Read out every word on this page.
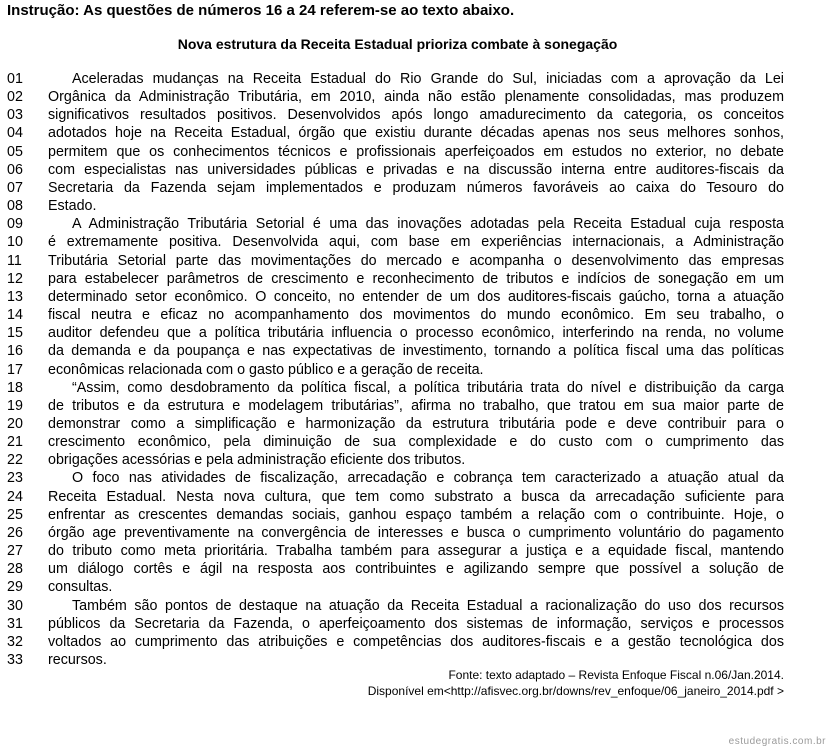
Instrução: As questões de números 16 a 24 referem-se ao texto abaixo.
Nova estrutura da Receita Estadual prioriza combate à sonegação
01	Aceleradas mudanças na Receita Estadual do Rio Grande do Sul, iniciadas com a aprovação da Lei
02 Orgânica da Administração Tributária, em 2010, ainda não estão plenamente consolidadas, mas produzem
03 significativos resultados positivos. Desenvolvidos após longo amadurecimento da categoria, os conceitos
04 adotados hoje na Receita Estadual, órgão que existiu durante décadas apenas nos seus melhores sonhos,
05 permitem que os conhecimentos técnicos e profissionais aperfeiçoados em estudos no exterior, no debate
06 com especialistas nas universidades públicas e privadas e na discussão interna entre auditores-fiscais da
07 Secretaria da Fazenda sejam implementados e produzam números favoráveis ao caixa do Tesouro do
08 Estado.
09	A Administração Tributária Setorial é uma das inovações adotadas pela Receita Estadual cuja resposta
10 é extremamente positiva. Desenvolvida aqui, com base em experiências internacionais, a Administração
11 Tributária Setorial parte das movimentações do mercado e acompanha o desenvolvimento das empresas
12 para estabelecer parâmetros de crescimento e reconhecimento de tributos e indícios de sonegação em um
13 determinado setor econômico. O conceito, no entender de um dos auditores-fiscais gaúcho, torna a atuação
14 fiscal neutra e eficaz no acompanhamento dos movimentos do mundo econômico. Em seu trabalho, o
15 auditor defendeu que a política tributária influencia o processo econômico, interferindo na renda, no volume
16 da demanda e da poupança e nas expectativas de investimento, tornando a política fiscal uma das políticas
17 econômicas relacionada com o gasto público e a geração de receita.
18	“Assim, como desdobramento da política fiscal, a política tributária trata do nível e distribuição da carga
19 de tributos e da estrutura e modelagem tributárias”, afirma no trabalho, que tratou em sua maior parte de
20 demonstrar como a simplificação e harmonização da estrutura tributária pode e deve contribuir para o
21 crescimento econômico, pela diminuição de sua complexidade e do custo com o cumprimento das
22 obrigações acessórias e pela administração eficiente dos tributos.
23	O foco nas atividades de fiscalização, arrecadação e cobrança tem caracterizado a atuação atual da
24 Receita Estadual. Nesta nova cultura, que tem como substrato a busca da arrecadação suficiente para
25 enfrentar as crescentes demandas sociais, ganhou espaço também a relação com o contribuinte. Hoje, o
26 órgão age preventivamente na convergência de interesses e busca o cumprimento voluntário do pagamento
27 do tributo como meta prioritária. Trabalha também para assegurar a justiça e a equidade fiscal, mantendo
28 um diálogo cortês e ágil na resposta aos contribuintes e agilizando sempre que possível a solução de
29 consultas.
30	Também são pontos de destaque na atuação da Receita Estadual a racionalização do uso dos recursos
31 públicos da Secretaria da Fazenda, o aperfeiçoamento dos sistemas de informação, serviços e processos
32 voltados ao cumprimento das atribuições e competências dos auditores-fiscais e a gestão tecnológica dos
33 recursos.
Fonte: texto adaptado – Revista Enfoque Fiscal n.06/Jan.2014.
Disponível em<http://afisvec.org.br/downs/rev_enfoque/06_janeiro_2014.pdf >
estudegratis.com.br
